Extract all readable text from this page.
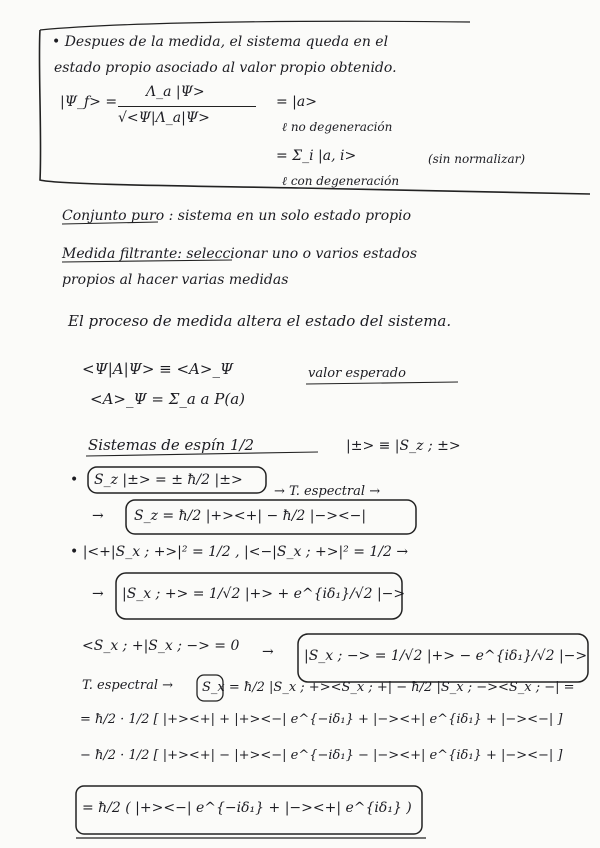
• Despues de la medida, el sistema queda en el
estado propio asociado al valor propio obtenido.
|Ψ_f> =
Λ_a |Ψ>
√<Ψ|Λ_a|Ψ>
= |a>
ℓ no degeneración
= Σ_i |a, i>	(sin normalizar)
ℓ con degeneración
Conjunto puro : sistema en un solo estado propio
Medida filtrante: seleccionar uno o varios estados
propios al hacer varias medidas
El proceso de medida altera el estado del sistema.
<Ψ|A|Ψ> ≡ <A>_Ψ	valor esperado
<A>_Ψ = Σ_a a P(a)
Sistemas de espín 1/2	|±> ≡ |S_z ; ±>
• S_z |±> = ± ħ/2 |±>
→ T. espectral →
→ S_z = ħ/2 |+><+| − ħ/2 |−><−|
• |<+|S_x ; +>|² = 1/2 , |<−|S_x ; +>|² = 1/2 →
→ |S_x ; +> = 1/√2 |+> + e^{iδ₁}/√2 |−>
<S_x ; +|S_x ; −> = 0 → |S_x ; −> = 1/√2 |+> − e^{iδ₁}/√2 |−>
T. espectral → S_x = ħ/2 |S_x ; +><S_x ; +| − ħ/2 |S_x ; −><S_x ; −| =
= ħ/2 · 1/2 [ |+><+| + |+><−| e^{−iδ₁} + |−><+| e^{iδ₁} + |−><−| ]
− ħ/2 · 1/2 [ |+><+| − |+><−| e^{−iδ₁} − |−><+| e^{iδ₁} + |−><−| ]
= ħ/2 ( |+><−| e^{−iδ₁} + |−><+| e^{iδ₁} )
